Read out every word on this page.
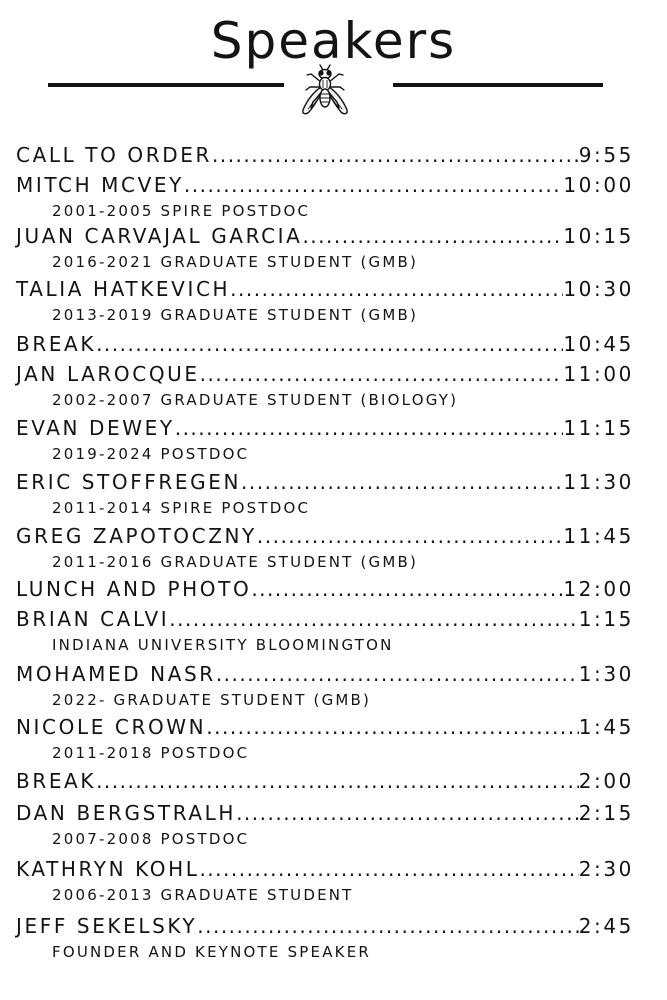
Speakers
CALL TO ORDER .....	9:55
MITCH MCVEY .....	10:00
2001-2005 SPIRE POSTDOC
JUAN CARVAJAL GARCIA .....	10:15
2016-2021 GRADUATE STUDENT (GMB)
TALIA HATKEVICH .....	10:30
2013-2019 GRADUATE STUDENT (GMB)
BREAK .....	10:45
JAN LAROCQUE .....	11:00
2002-2007 GRADUATE STUDENT (BIOLOGY)
EVAN DEWEY .....	11:15
2019-2024 POSTDOC
ERIC STOFFREGEN .....	11:30
2011-2014 SPIRE POSTDOC
GREG ZAPOTOCZNY .....	11:45
2011-2016 GRADUATE STUDENT (GMB)
LUNCH AND PHOTO .....	12:00
BRIAN CALVI .....	1:15
INDIANA UNIVERSITY BLOOMINGTON
MOHAMED NASR .....	1:30
2022- GRADUATE STUDENT (GMB)
NICOLE CROWN .....	1:45
2011-2018 POSTDOC
BREAK .....	2:00
DAN BERGSTRALH .....	2:15
2007-2008 POSTDOC
KATHRYN KOHL .....	2:30
2006-2013 GRADUATE STUDENT
JEFF SEKELSKY .....	2:45
FOUNDER AND KEYNOTE SPEAKER
